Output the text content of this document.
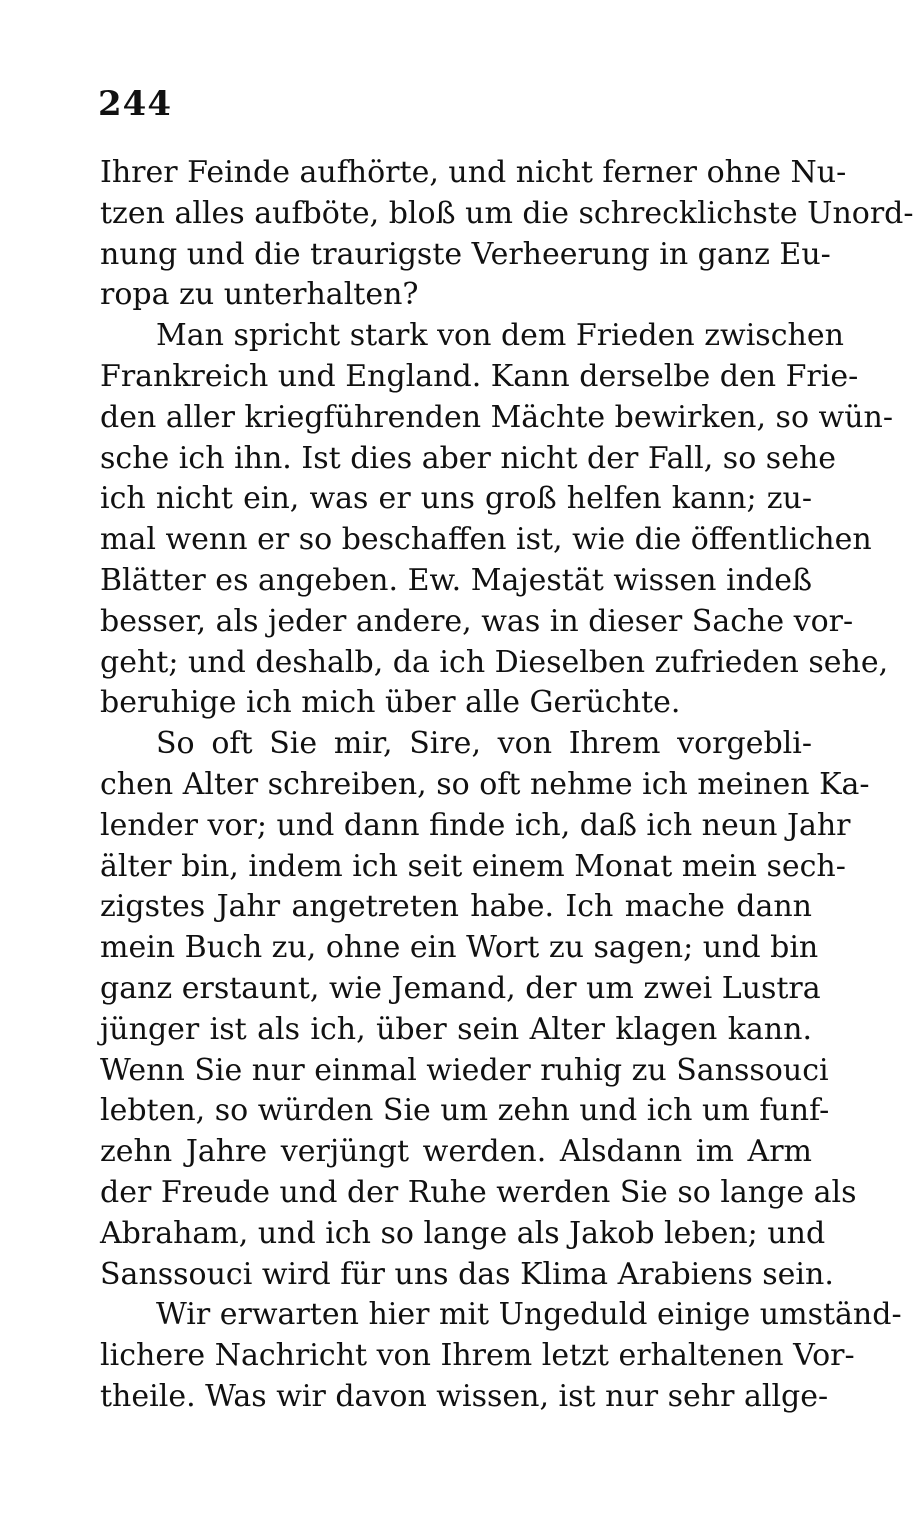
244
Ihrer Feinde aufhörte, und nicht ferner ohne Nu-
tzen alles aufböte, bloß um die schrecklichste Unord-
nung und die traurigste Verheerung in ganz Eu-
ropa zu unterhalten?
Man spricht stark von dem Frieden zwischen
Frankreich und England. Kann derselbe den Frie-
den aller kriegführenden Mächte bewirken, so wün-
sche ich ihn. Ist dies aber nicht der Fall, so sehe
ich nicht ein, was er uns groß helfen kann; zu-
mal wenn er so beschaffen ist, wie die öffentlichen
Blätter es angeben. Ew. Majestät wissen indeß
besser, als jeder andere, was in dieser Sache vor-
geht; und deshalb, da ich Dieselben zufrieden sehe,
beruhige ich mich über alle Gerüchte.
So oft Sie mir, Sire, von Ihrem vorgebli-
chen Alter schreiben, so oft nehme ich meinen Ka-
lender vor; und dann finde ich, daß ich neun Jahr
älter bin, indem ich seit einem Monat mein sech-
zigstes Jahr angetreten habe. Ich mache dann
mein Buch zu, ohne ein Wort zu sagen; und bin
ganz erstaunt, wie Jemand, der um zwei Lustra
jünger ist als ich, über sein Alter klagen kann.
Wenn Sie nur einmal wieder ruhig zu Sanssouci
lebten, so würden Sie um zehn und ich um funf-
zehn Jahre verjüngt werden. Alsdann im Arm
der Freude und der Ruhe werden Sie so lange als
Abraham, und ich so lange als Jakob leben; und
Sanssouci wird für uns das Klima Arabiens sein.
Wir erwarten hier mit Ungeduld einige umständ-
lichere Nachricht von Ihrem letzt erhaltenen Vor-
theile. Was wir davon wissen, ist nur sehr allge-
